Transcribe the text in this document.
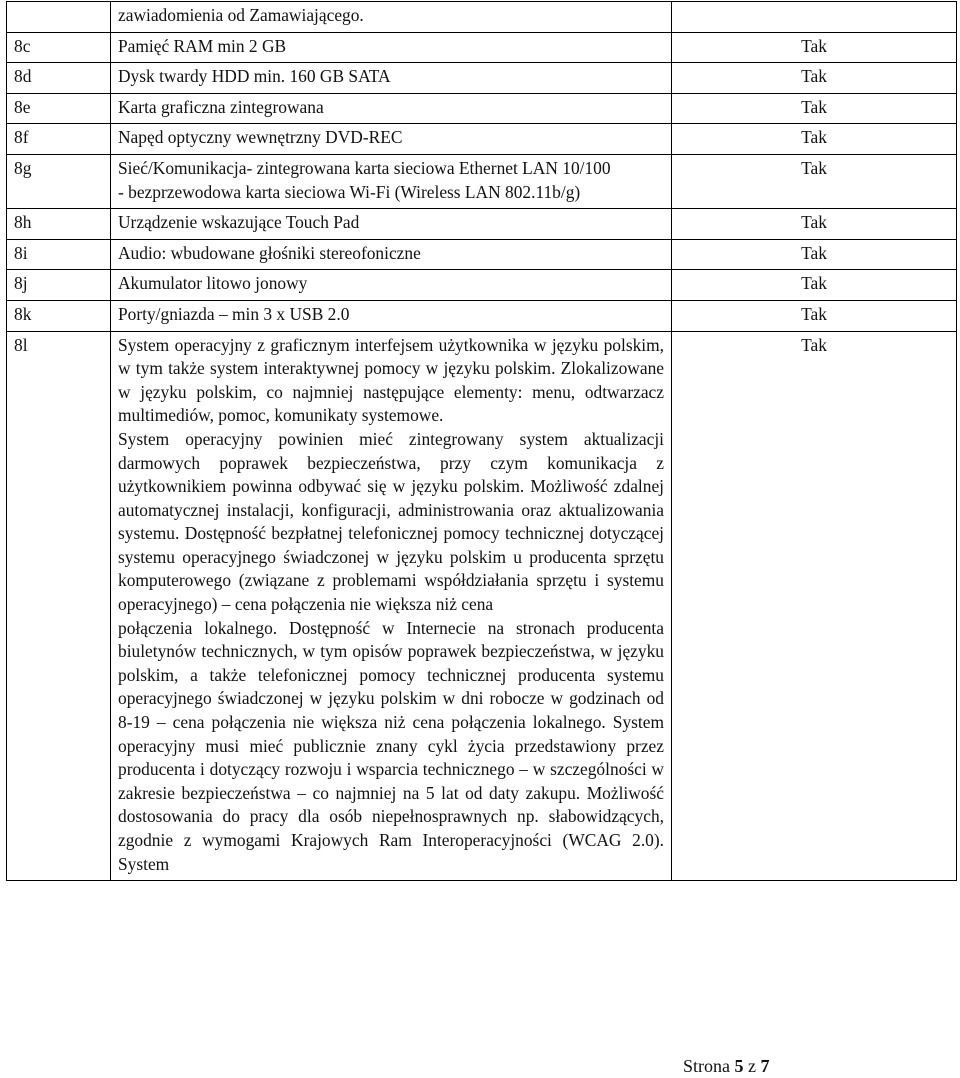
	zawiadomienia od Zamawiającego.	

8c	Pamięć RAM min 2 GB	Tak
8d	Dysk twardy HDD min. 160 GB SATA	Tak
8e	Karta graficzna zintegrowana	Tak
8f	Napęd optyczny wewnętrzny DVD-REC	Tak
8g	Sieć/Komunikacja- zintegrowana karta sieciowa Ethernet LAN 10/100

- bezprzewodowa karta sieciowa Wi-Fi (Wireless LAN 802.11b/g)	Tak
8h	Urządzenie wskazujące Touch Pad	Tak
8i	Audio: wbudowane głośniki stereofoniczne	Tak
8j	Akumulator litowo jonowy	Tak
8k	Porty/gniazda – min 3 x USB 2.0	Tak
8l	System operacyjny z graficznym interfejsem użytkownika w języku polskim, w tym także system interaktywnej pomocy w języku polskim. Zlokalizowane w języku polskim, co najmniej następujące elementy: menu, odtwarzacz multimediów, pomoc, komunikaty systemowe.

System operacyjny powinien mieć zintegrowany system aktualizacji darmowych poprawek bezpieczeństwa, przy czym komunikacja z użytkownikiem powinna odbywać się w języku polskim. Możliwość zdalnej automatycznej instalacji, konfiguracji, administrowania oraz aktualizowania systemu. Dostępność bezpłatnej telefonicznej pomocy technicznej dotyczącej systemu operacyjnego świadczonej w języku polskim u producenta sprzętu komputerowego (związane z problemami współdziałania sprzętu i systemu operacyjnego) – cena połączenia nie większa niż cena

połączenia lokalnego. Dostępność w Internecie na stronach producenta biuletynów technicznych, w tym opisów poprawek bezpieczeństwa, w języku polskim, a także telefonicznej pomocy technicznej producenta systemu operacyjnego świadczonej w języku polskim w dni robocze w godzinach od 8-19 – cena połączenia nie większa niż cena połączenia lokalnego. System operacyjny musi mieć publicznie znany cykl życia przedstawiony przez producenta i dotyczący rozwoju i wsparcia technicznego – w szczególności w zakresie bezpieczeństwa – co najmniej na 5 lat od daty zakupu. Możliwość dostosowania do pracy dla osób niepełnosprawnych np. słabowidzących, zgodnie z wymogami Krajowych Ram Interoperacyjności (WCAG 2.0). System	Tak
Strona 5 z 7
